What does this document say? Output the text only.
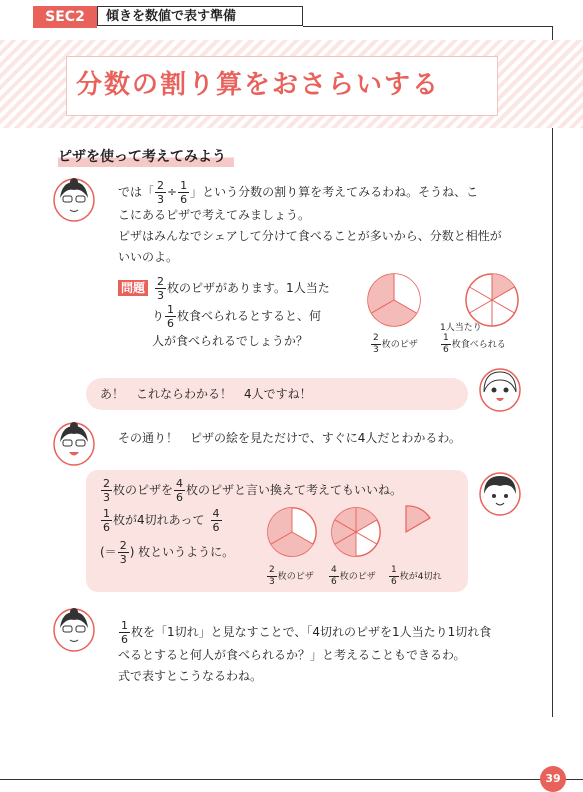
SEC2	傾きを数値で表す準備
分数の割り算をおさらいする
ピザを使って考えてみよう
では「 $\frac{2}{3} \div \frac{1}{6}$ 」という分数の割り算を考えてみるわね。そうね、こ
こにあるピザで考えてみましょう。
ピザはみんなでシェアして分けて食べることが多いから、分数と相性が
いいのよ。
問題 $\frac{2}{3}$ 枚のピザがあります。1人当た
り $\frac{1}{6}$ 枚食べられるとすると、何
人が食べられるでしょうか？	$\frac{2}{3}$ 枚のピザ
1人当たり
$\frac{1}{6}$ 枚食べられる
あ！　これならわかる！　4人ですね！
その通り！　ピザの絵を見ただけで、すぐに4人だとわかるわ。
$\frac{2}{3}$ 枚のピザを $\frac{4}{6}$ 枚のピザと言い換えて考えてもいいね。
$\frac{1}{6}$ 枚が4切れあって $\frac{4}{6}$
(＝ $\frac{2}{3}$ ) 枚というように。
$\frac{2}{3}$ 枚のピザ $\frac{4}{6}$ 枚のピザ $\frac{1}{6}$ 枚が4切れ
$\frac{1}{6}$ 枚を「1切れ」と見なすことで、「4切れのピザを1人当たり1切れ食
べるとすると何人が食べられるか？」と考えることもできるわ。
式で表すとこうなるわね。
39
